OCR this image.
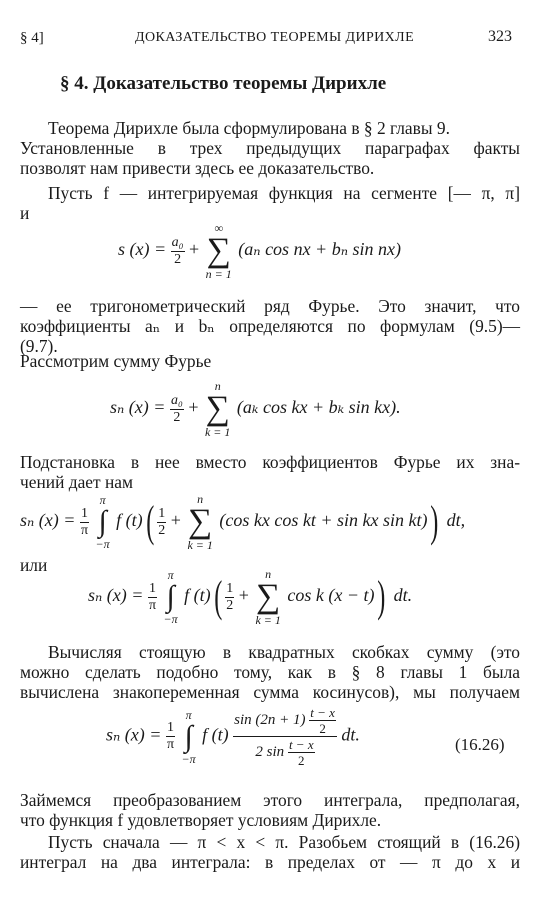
§ 4]	ДОКАЗАТЕЛЬСТВО ТЕОРЕМЫ ДИРИХЛЕ	323
§ 4. Доказательство теоремы Дирихле
Теорема Дирихле была сформулирована в § 2 главы 9.
Установленные в трех предыдущих параграфах факты
позволят нам привести здесь ее доказательство.
Пусть f — интегрируемая функция на сегменте [— π, π]
и
s $(x) = \frac{\text{a₀}}{2}$ +
∞
∑
n = 1
(aₙ cos nx + bₙ sin nx)
— ее тригонометрический ряд Фурье. Это значит, что
коэффициенты aₙ и bₙ определяются по формулам (9.5)—
(9.7).
Рассмотрим сумму Фурье
sₙ $(x) = \frac{\text{a₀}}{2}$ +
n
∑
k = 1
(aₖ cos kx + bₖ sin kx).
Подстановка в нее вместо коэффициентов Фурье их зна-
чений дает нам
sₙ $(x) = \frac{1}{\pi}$

π
∫
−π
f $(t)( \frac{1}{2}$ +
n
∑
k = 1
(cos kx cos kt + sin kx sin kt)) dt,
или
sₙ $(x) = \frac{1}{\pi}$

π
∫
−π
f $(t)( \frac{1}{2}$ +
n
∑
k = 1
cos k (x − t)) dt.
Вычисляя стоящую в квадратных скобках сумму (это
можно сделать подобно тому, как в § 8 главы 1 была
вычислена знакопеременная сумма косинусов), мы получаем
sₙ $(x) = \frac{1}{\pi}$

π
∫
−π
f $(t) \frac{\sin (2n + 1) \frac{t - x}{2}}{2 \sin \frac{t - x}{2}}$ dt.	(16.26)
Займемся преобразованием этого интеграла, предполагая,
что функция f удовлетворяет условиям Дирихле.
Пусть сначала — π < x < π. Разобьем стоящий в (16.26)
интеграл на два интеграла: в пределах от — π до x и
